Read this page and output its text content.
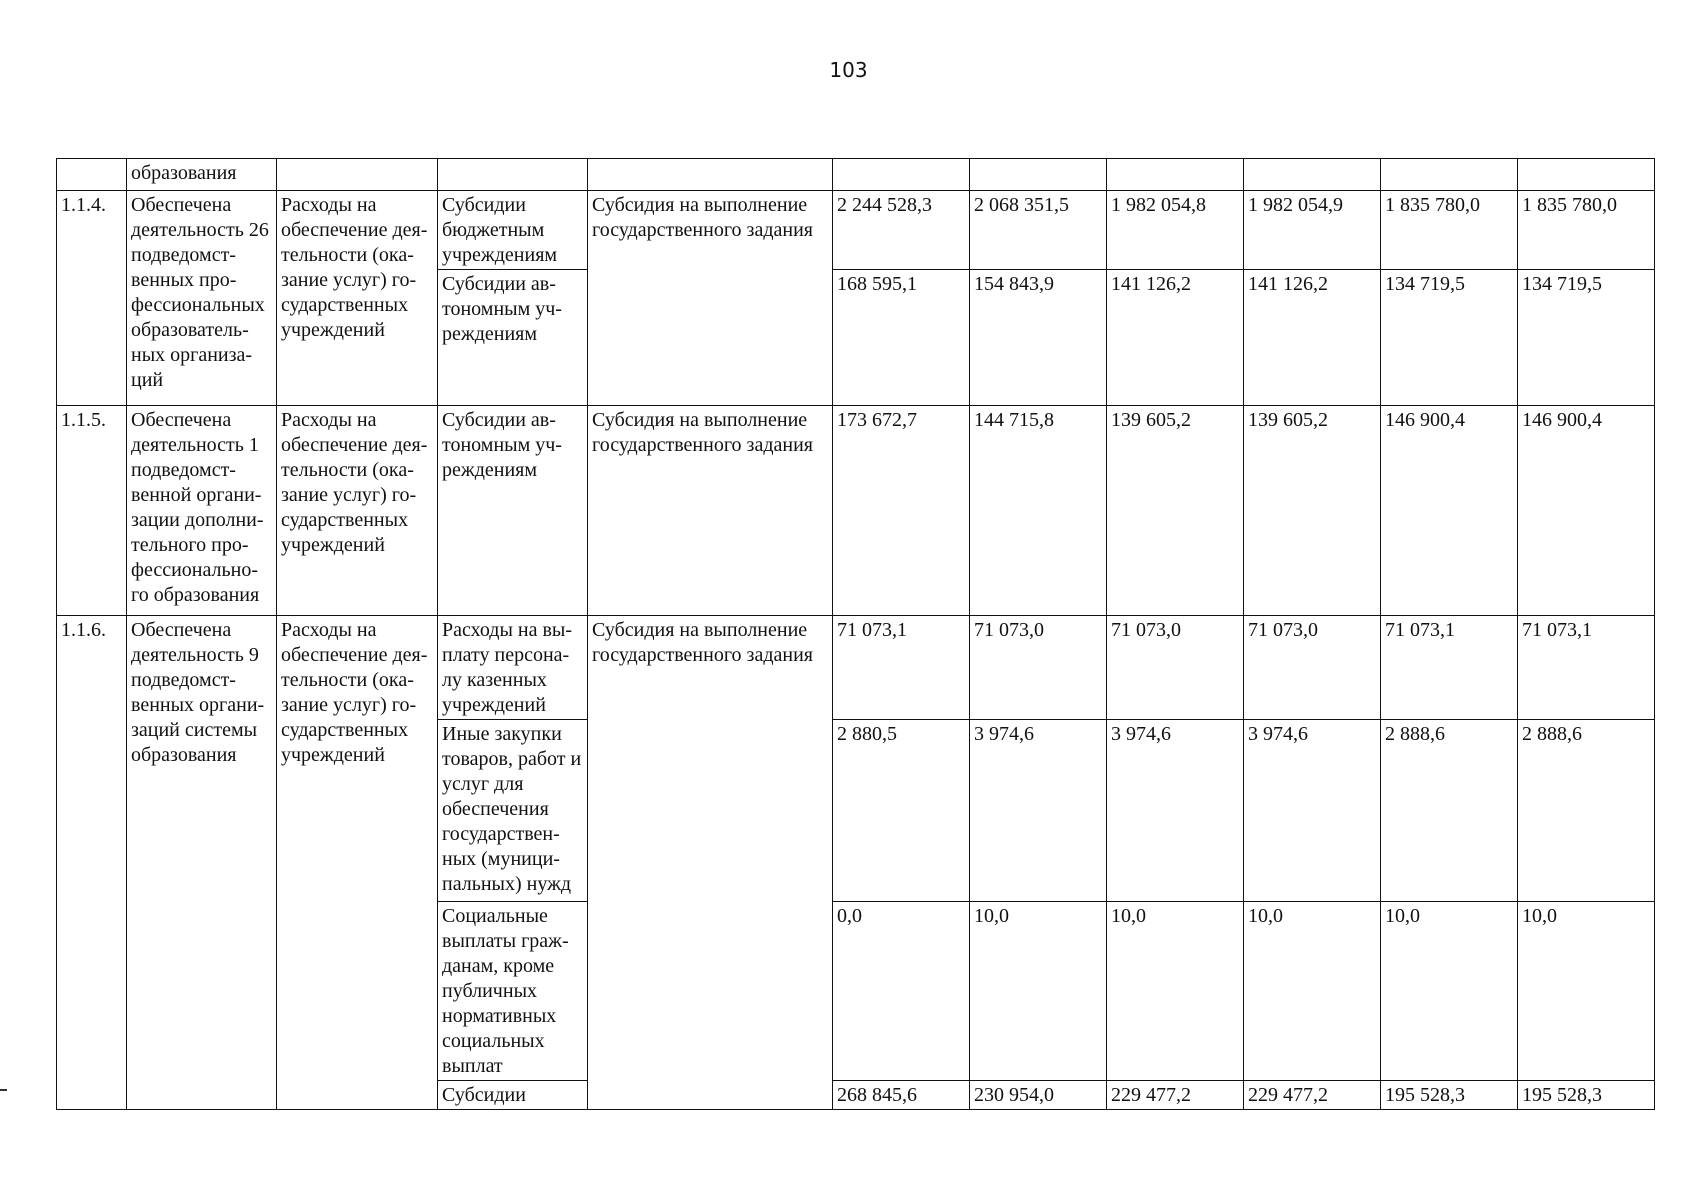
103
	образования									
1.1.4.	Обеспечена деятельность 26 подведомст-венных про-фессиональных образователь-ных организа-ций	Расходы на обеспечение дея-тельности (ока-зание услуг) го-сударственных учреждений	Субсидии бюджетным учреждениям	Субсидия на выполнение государственного задания	2 244 528,3	2 068 351,5	1 982 054,8	1 982 054,9	1 835 780,0	1 835 780,0
			Субсидии ав-тономным уч-реждениям		168 595,1	154 843,9	141 126,2	141 126,2	134 719,5	134 719,5
1.1.5.	Обеспечена деятельность 1 подведомст-венной органи-зации дополни-тельного про-фессионально-го образования	Расходы на обеспечение дея-тельности (ока-зание услуг) го-сударственных учреждений	Субсидии ав-тономным уч-реждениям	Субсидия на выполнение государственного задания	173 672,7	144 715,8	139 605,2	139 605,2	146 900,4	146 900,4
1.1.6.	Обеспечена деятельность 9 подведомст-венных органи-заций системы образования	Расходы на обеспечение дея-тельности (ока-зание услуг) го-сударственных учреждений	Расходы на вы-плату персона-лу казенных учреждений	Субсидия на выполнение государственного задания	71 073,1	71 073,0	71 073,0	71 073,0	71 073,1	71 073,1
			Иные закупки товаров, работ и услуг для обеспечения государствен-ных (муници-пальных) нужд		2 880,5	3 974,6	3 974,6	3 974,6	2 888,6	2 888,6
			Социальные выплаты граж-данам, кроме публичных нормативных социальных выплат		0,0	10,0	10,0	10,0	10,0	10,0
			Субсидии		268 845,6	230 954,0	229 477,2	229 477,2	195 528,3	195 528,3
